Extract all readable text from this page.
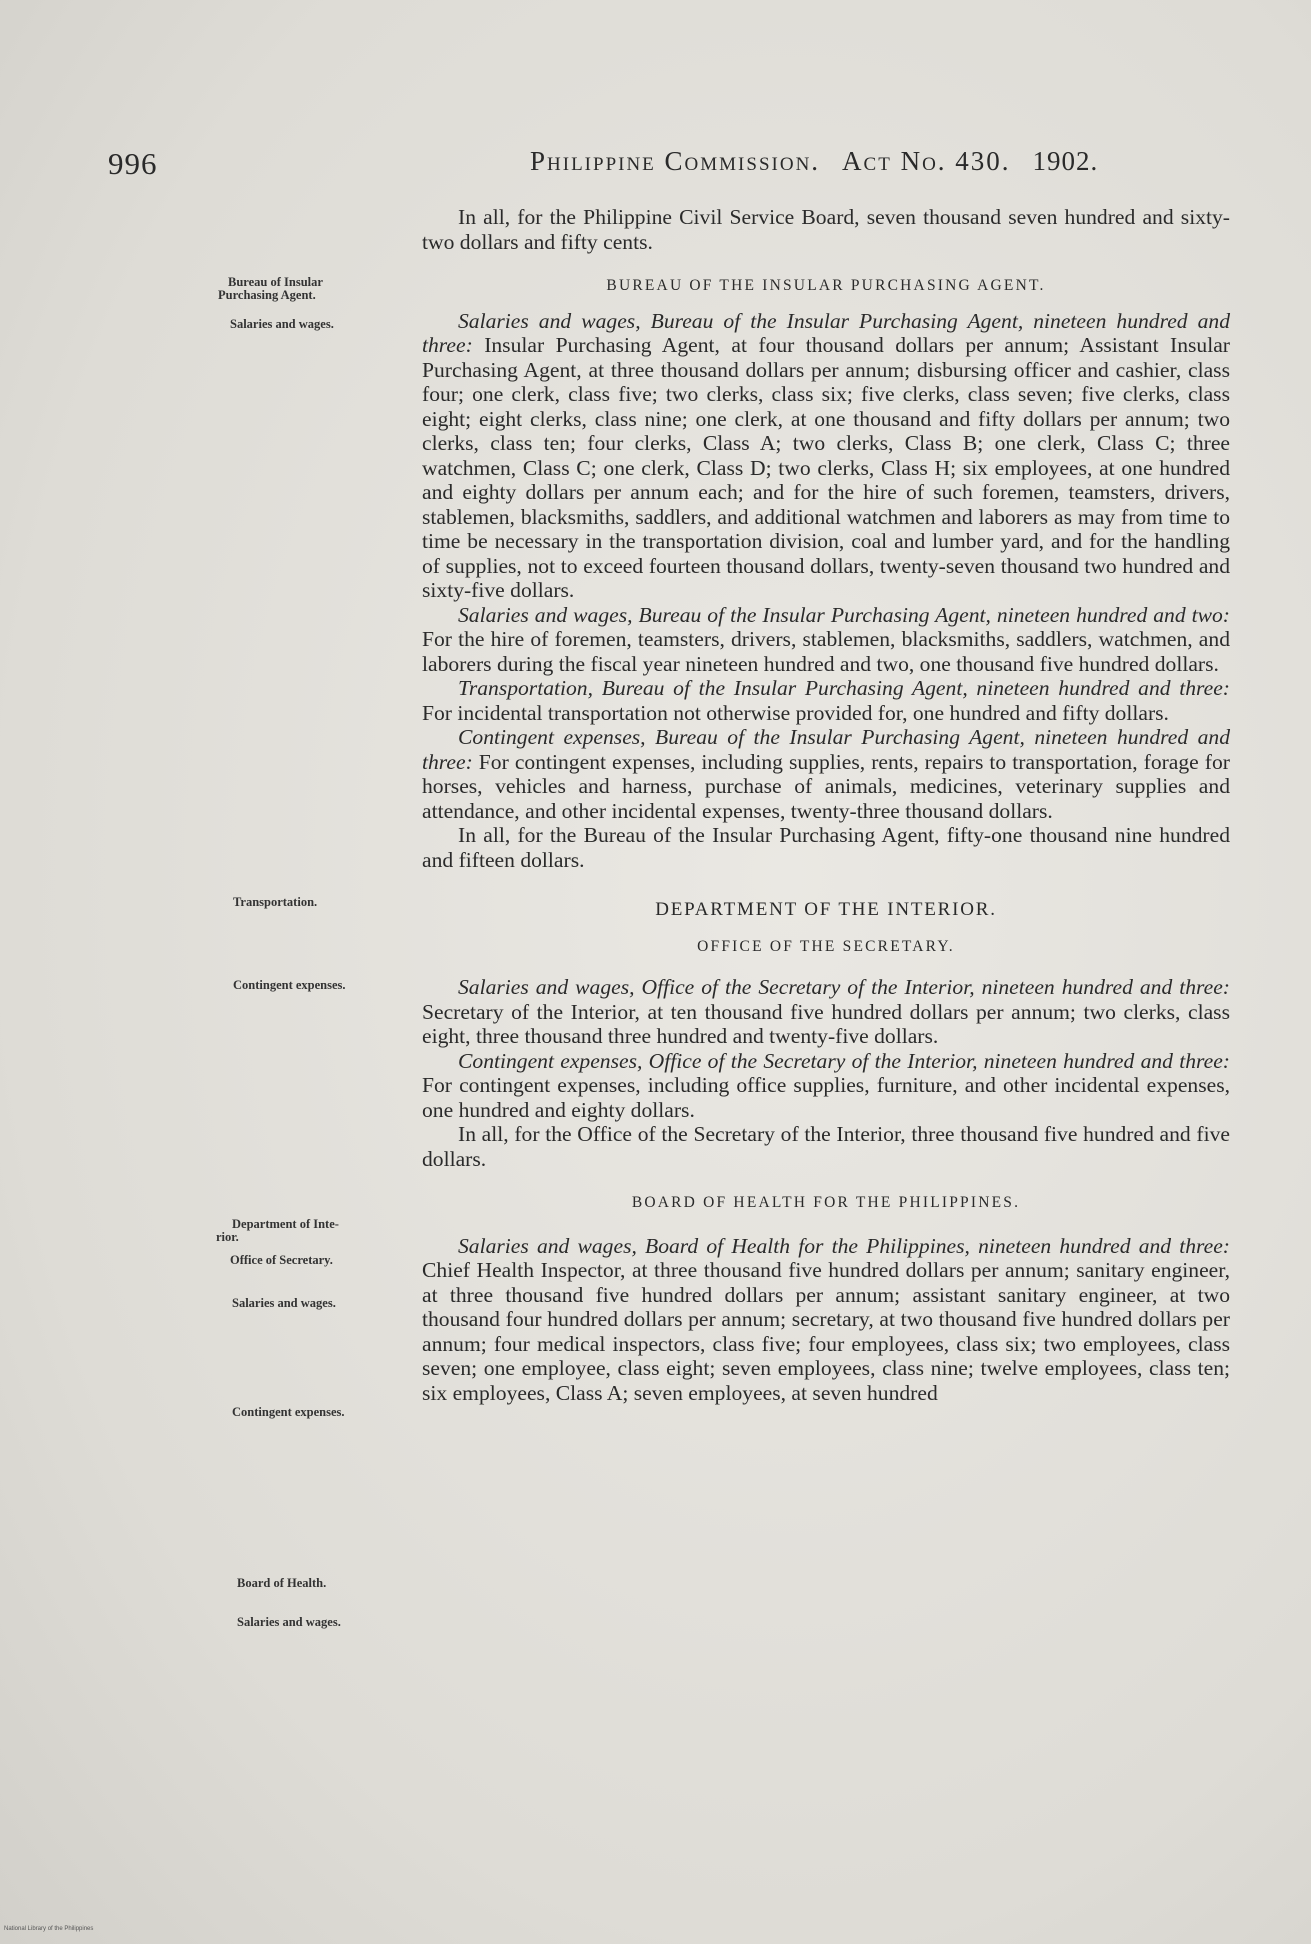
996	Philippine Commission. Act No. 430. 1902.
Bureau of Insular
Purchasing Agent.
Salaries and wages.
Transportation.
Contingent expenses.
Department of Inte-
rior.
Office of Secretary.
Salaries and wages.
Contingent expenses.
Board of Health.
Salaries and wages.

In all, for the Philippine Civil Service Board, seven thousand seven hundred and sixty-two dollars and fifty cents.

BUREAU OF THE INSULAR PURCHASING AGENT.

Salaries and wages, Bureau of the Insular Purchasing Agent, nineteen hundred and three: Insular Purchasing Agent, at four thousand dollars per annum; Assistant Insular Purchasing Agent, at three thousand dollars per annum; disbursing officer and cashier, class four; one clerk, class five; two clerks, class six; five clerks, class seven; five clerks, class eight; eight clerks, class nine; one clerk, at one thousand and fifty dollars per annum; two clerks, class ten; four clerks, Class A; two clerks, Class B; one clerk, Class C; three watchmen, Class C; one clerk, Class D; two clerks, Class H; six employees, at one hundred and eighty dollars per annum each; and for the hire of such foremen, teamsters, drivers, stablemen, blacksmiths, saddlers, and additional watchmen and laborers as may from time to time be necessary in the transportation division, coal and lumber yard, and for the handling of supplies, not to exceed fourteen thousand dollars, twenty-seven thousand two hundred and sixty-five dollars.

Salaries and wages, Bureau of the Insular Purchasing Agent, nineteen hundred and two: For the hire of foremen, teamsters, drivers, stablemen, blacksmiths, saddlers, watchmen, and laborers during the fiscal year nineteen hundred and two, one thousand five hundred dollars.

Transportation, Bureau of the Insular Purchasing Agent, nineteen hundred and three: For incidental transportation not otherwise provided for, one hundred and fifty dollars.

Contingent expenses, Bureau of the Insular Purchasing Agent, nineteen hundred and three: For contingent expenses, including supplies, rents, repairs to transportation, forage for horses, vehicles and harness, purchase of animals, medicines, veterinary supplies and attendance, and other incidental expenses, twenty-three thousand dollars.

In all, for the Bureau of the Insular Purchasing Agent, fifty-one thousand nine hundred and fifteen dollars.

DEPARTMENT OF THE INTERIOR.

OFFICE OF THE SECRETARY.

Salaries and wages, Office of the Secretary of the Interior, nineteen hundred and three: Secretary of the Interior, at ten thousand five hundred dollars per annum; two clerks, class eight, three thousand three hundred and twenty-five dollars.

Contingent expenses, Office of the Secretary of the Interior, nineteen hundred and three: For contingent expenses, including office supplies, furniture, and other incidental expenses, one hundred and eighty dollars.

In all, for the Office of the Secretary of the Interior, three thousand five hundred and five dollars.

BOARD OF HEALTH FOR THE PHILIPPINES.

Salaries and wages, Board of Health for the Philippines, nineteen hundred and three: Chief Health Inspector, at three thousand five hundred dollars per annum; sanitary engineer, at three thousand five hundred dollars per annum; assistant sanitary engineer, at two thousand four hundred dollars per annum; secretary, at two thousand five hundred dollars per annum; four medical inspectors, class five; four employees, class six; two employees, class seven; one employee, class eight; seven employees, class nine; twelve employees, class ten; six employees, Class A; seven employees, at seven hundred

National Library of the Philippines
